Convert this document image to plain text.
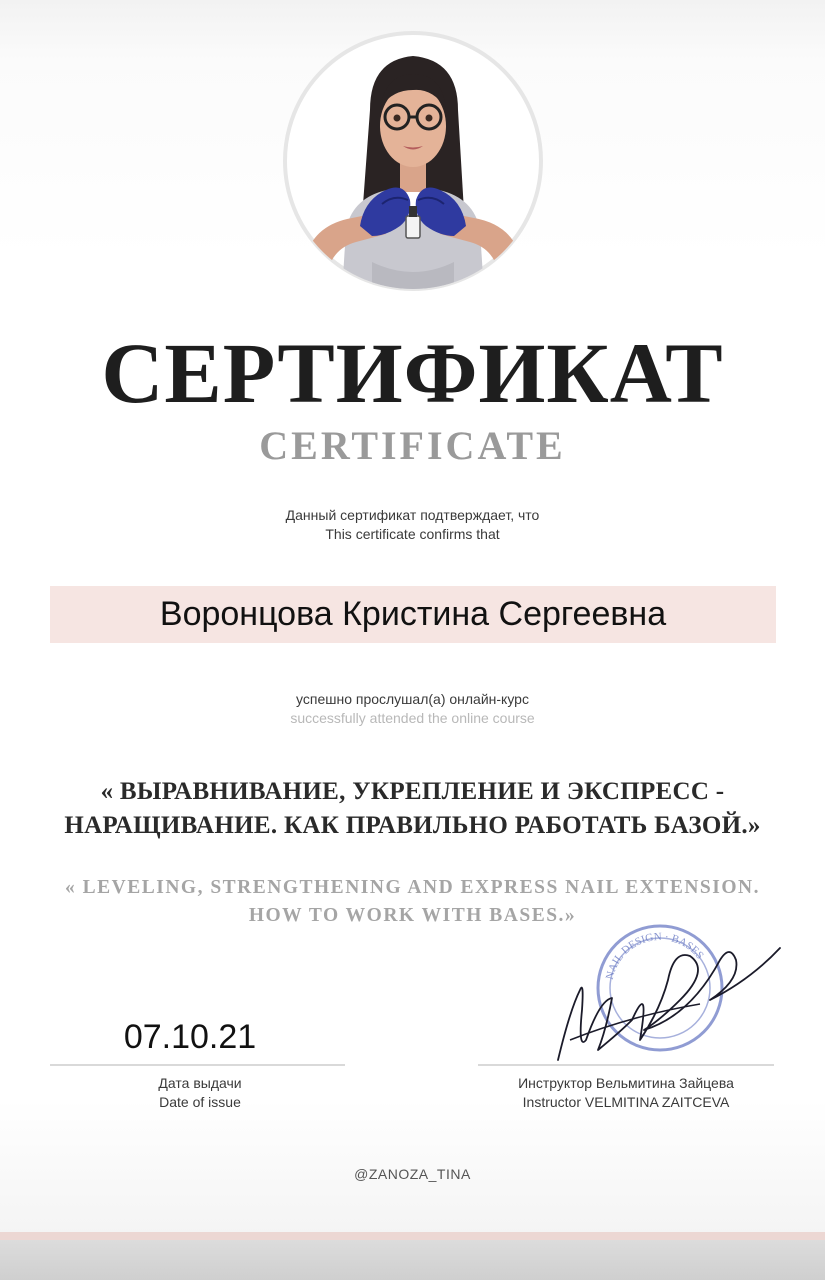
СЕРТИФИКАТ
CERTIFICATE
Данный сертификат подтверждает, что
This certificate confirms that
Воронцова Кристина Сергеевна
успешно прослушал(а) онлайн-курс
successfully attended the online course
« ВЫРАВНИВАНИЕ, УКРЕПЛЕНИЕ И ЭКСПРЕСС -
НАРАЩИВАНИЕ. КАК ПРАВИЛЬНО РАБОТАТЬ БАЗОЙ.»
« LEVELING, STRENGTHENING AND EXPRESS NAIL EXTENSION.
HOW TO WORK WITH BASES.»
NAIL DESIGN · BASES
07.10.21
Дата выдачи
Date of issue
Инструктор Вельмитина Зайцева
Instructor VELMITINA ZAITCEVA
@ZANOZA_TINA
